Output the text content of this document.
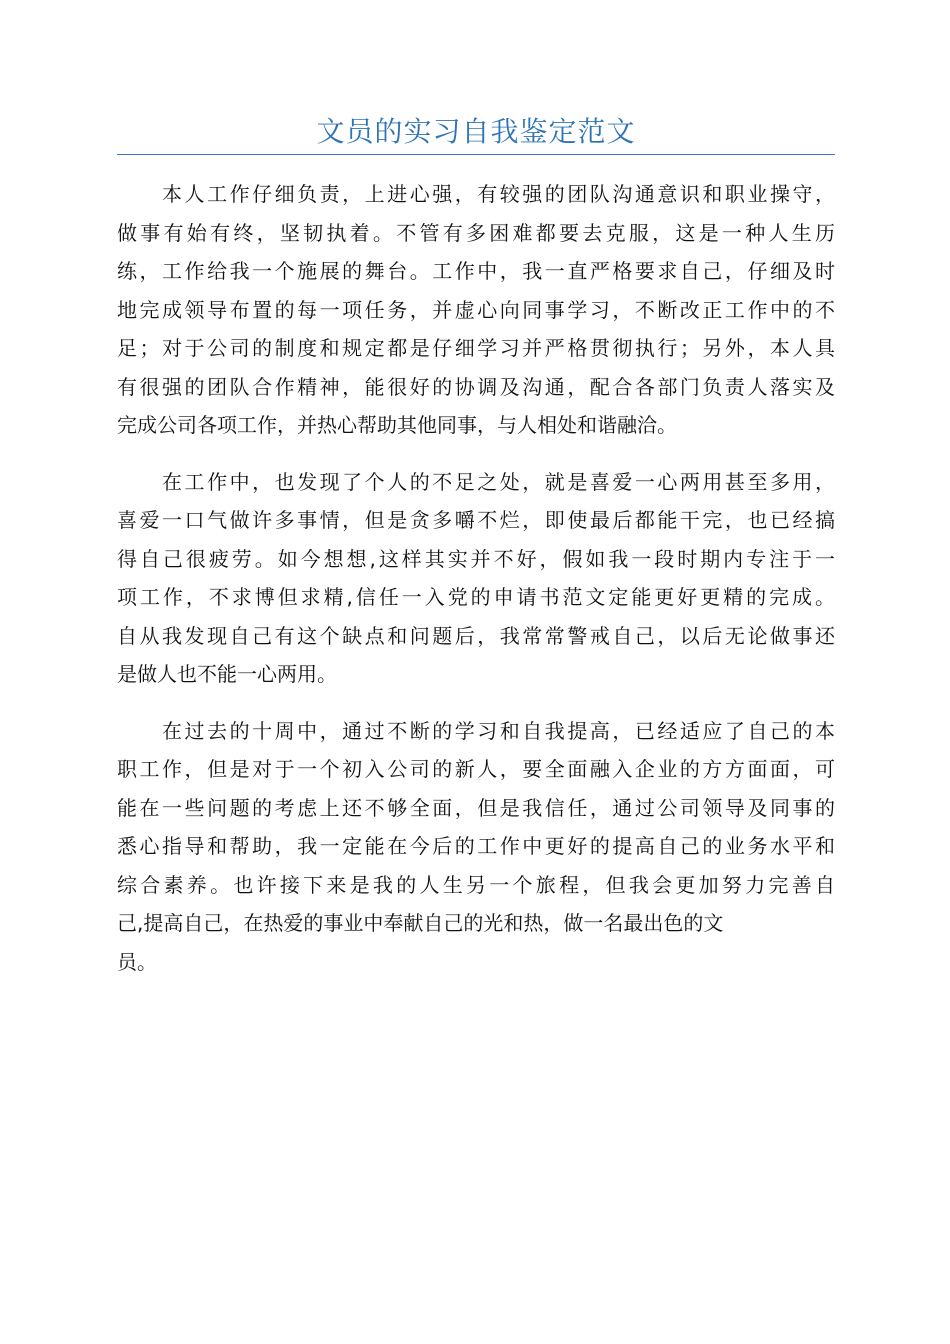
文员的实习自我鉴定范文
　　本人工作仔细负责，上进心强，有较强的团队沟通意识和职业操守，
做事有始有终，坚韧执着。不管有多困难都要去克服，这是一种人生历
练，工作给我一个施展的舞台。工作中，我一直严格要求自己，仔细及时
地完成领导布置的每一项任务，并虚心向同事学习，不断改正工作中的不
足；对于公司的制度和规定都是仔细学习并严格贯彻执行；另外，本人具
有很强的团队合作精神，能很好的协调及沟通，配合各部门负责人落实及
完成公司各项工作，并热心帮助其他同事，与人相处和谐融洽。
　　在工作中，也发现了个人的不足之处，就是喜爱一心两用甚至多用，
喜爱一口气做许多事情，但是贪多嚼不烂，即使最后都能干完，也已经搞
得自己很疲劳。如今想想,这样其实并不好，假如我一段时期内专注于一
项工作，不求博但求精,信任一入党的申请书范文定能更好更精的完成。
自从我发现自己有这个缺点和问题后，我常常警戒自己，以后无论做事还
是做人也不能一心两用。
　　在过去的十周中，通过不断的学习和自我提高，已经适应了自己的本
职工作，但是对于一个初入公司的新人，要全面融入企业的方方面面，可
能在一些问题的考虑上还不够全面，但是我信任，通过公司领导及同事的
悉心指导和帮助，我一定能在今后的工作中更好的提高自己的业务水平和
综合素养。也许接下来是我的人生另一个旅程，但我会更加努力完善自
己,提高自己，在热爱的事业中奉献自己的光和热，做一名最出色的文
员。
